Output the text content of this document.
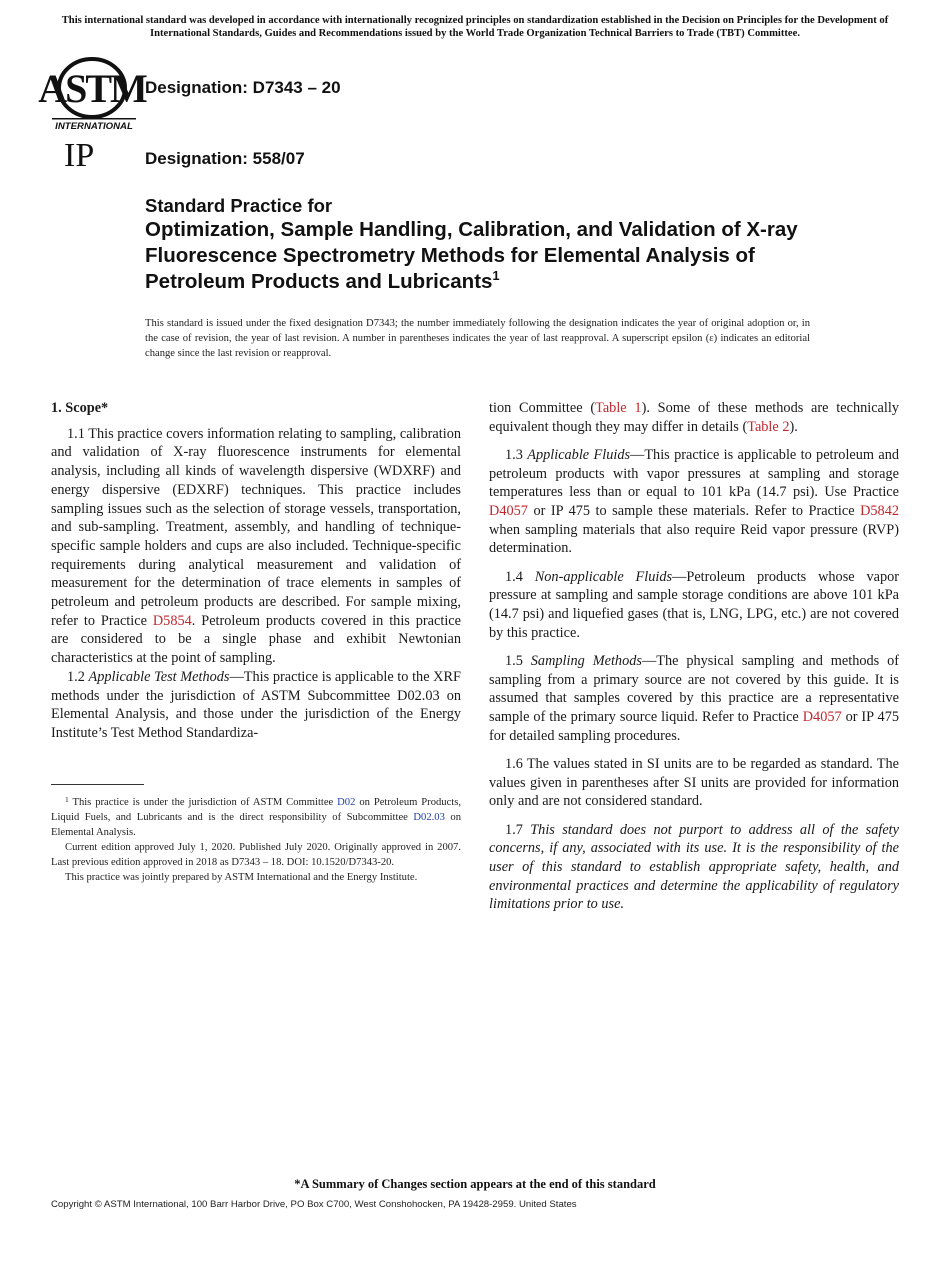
This international standard was developed in accordance with internationally recognized principles on standardization established in the Decision on Principles for the Development of International Standards, Guides and Recommendations issued by the World Trade Organization Technical Barriers to Trade (TBT) Committee.
ASTM
INTERNATIONAL
Designation: D7343 – 20
IP	Designation: 558/07
Standard Practice for
Optimization, Sample Handling, Calibration, and Validation of X-ray Fluorescence Spectrometry Methods for Elemental Analysis of Petroleum Products and Lubricants$^1$
This standard is issued under the fixed designation D7343; the number immediately following the designation indicates the year of original adoption or, in the case of revision, the year of last revision. A number in parentheses indicates the year of last reapproval. A superscript epsilon (ε) indicates an editorial change since the last revision or reapproval.
1. Scope*

1.1 This practice covers information relating to sampling, calibration and validation of X-ray fluorescence instruments for elemental analysis, including all kinds of wavelength dispersive (WDXRF) and energy dispersive (EDXRF) techniques. This practice includes sampling issues such as the selection of storage vessels, transportation, and sub-sampling. Treatment, assembly, and handling of technique-specific sample holders and cups are also included. Technique-specific requirements during analytical measurement and validation of measurement for the determination of trace elements in samples of petroleum and petroleum products are described. For sample mixing, refer to Practice D5854. Petroleum products covered in this practice are considered to be a single phase and exhibit Newtonian characteristics at the point of sampling.

1.2 Applicable Test Methods—This practice is applicable to the XRF methods under the jurisdiction of ASTM Subcommittee D02.03 on Elemental Analysis, and those under the jurisdiction of the Energy Institute’s Test Method Standardiza-

tion Committee (Table 1). Some of these methods are technically equivalent though they may differ in details (Table 2).

1.3 Applicable Fluids—This practice is applicable to petroleum and petroleum products with vapor pressures at sampling and storage temperatures less than or equal to 101 kPa (14.7 psi). Use Practice D4057 or IP 475 to sample these materials. Refer to Practice D5842 when sampling materials that also require Reid vapor pressure (RVP) determination.

1.4 Non-applicable Fluids—Petroleum products whose vapor pressure at sampling and sample storage conditions are above 101 kPa (14.7 psi) and liquefied gases (that is, LNG, LPG, etc.) are not covered by this practice.

1.5 Sampling Methods—The physical sampling and methods of sampling from a primary source are not covered by this guide. It is assumed that samples covered by this practice are a representative sample of the primary source liquid. Refer to Practice D4057 or IP 475 for detailed sampling procedures.

1.6 The values stated in SI units are to be regarded as standard. The values given in parentheses after SI units are provided for information only and are not considered standard.

1.7 This standard does not purport to address all of the safety concerns, if any, associated with its use. It is the responsibility of the user of this standard to establish appropriate safety, health, and environmental practices and determine the applicability of regulatory limitations prior to use.

$^1$ This practice is under the jurisdiction of ASTM Committee D02 on Petroleum Products, Liquid Fuels, and Lubricants and is the direct responsibility of Subcommittee D02.03 on Elemental Analysis.

Current edition approved July 1, 2020. Published July 2020. Originally approved in 2007. Last previous edition approved in 2018 as D7343 – 18. DOI: 10.1520/D7343-20.

This practice was jointly prepared by ASTM International and the Energy Institute.

*A Summary of Changes section appears at the end of this standard
Copyright © ASTM International, 100 Barr Harbor Drive, PO Box C700, West Conshohocken, PA 19428-2959. United States
